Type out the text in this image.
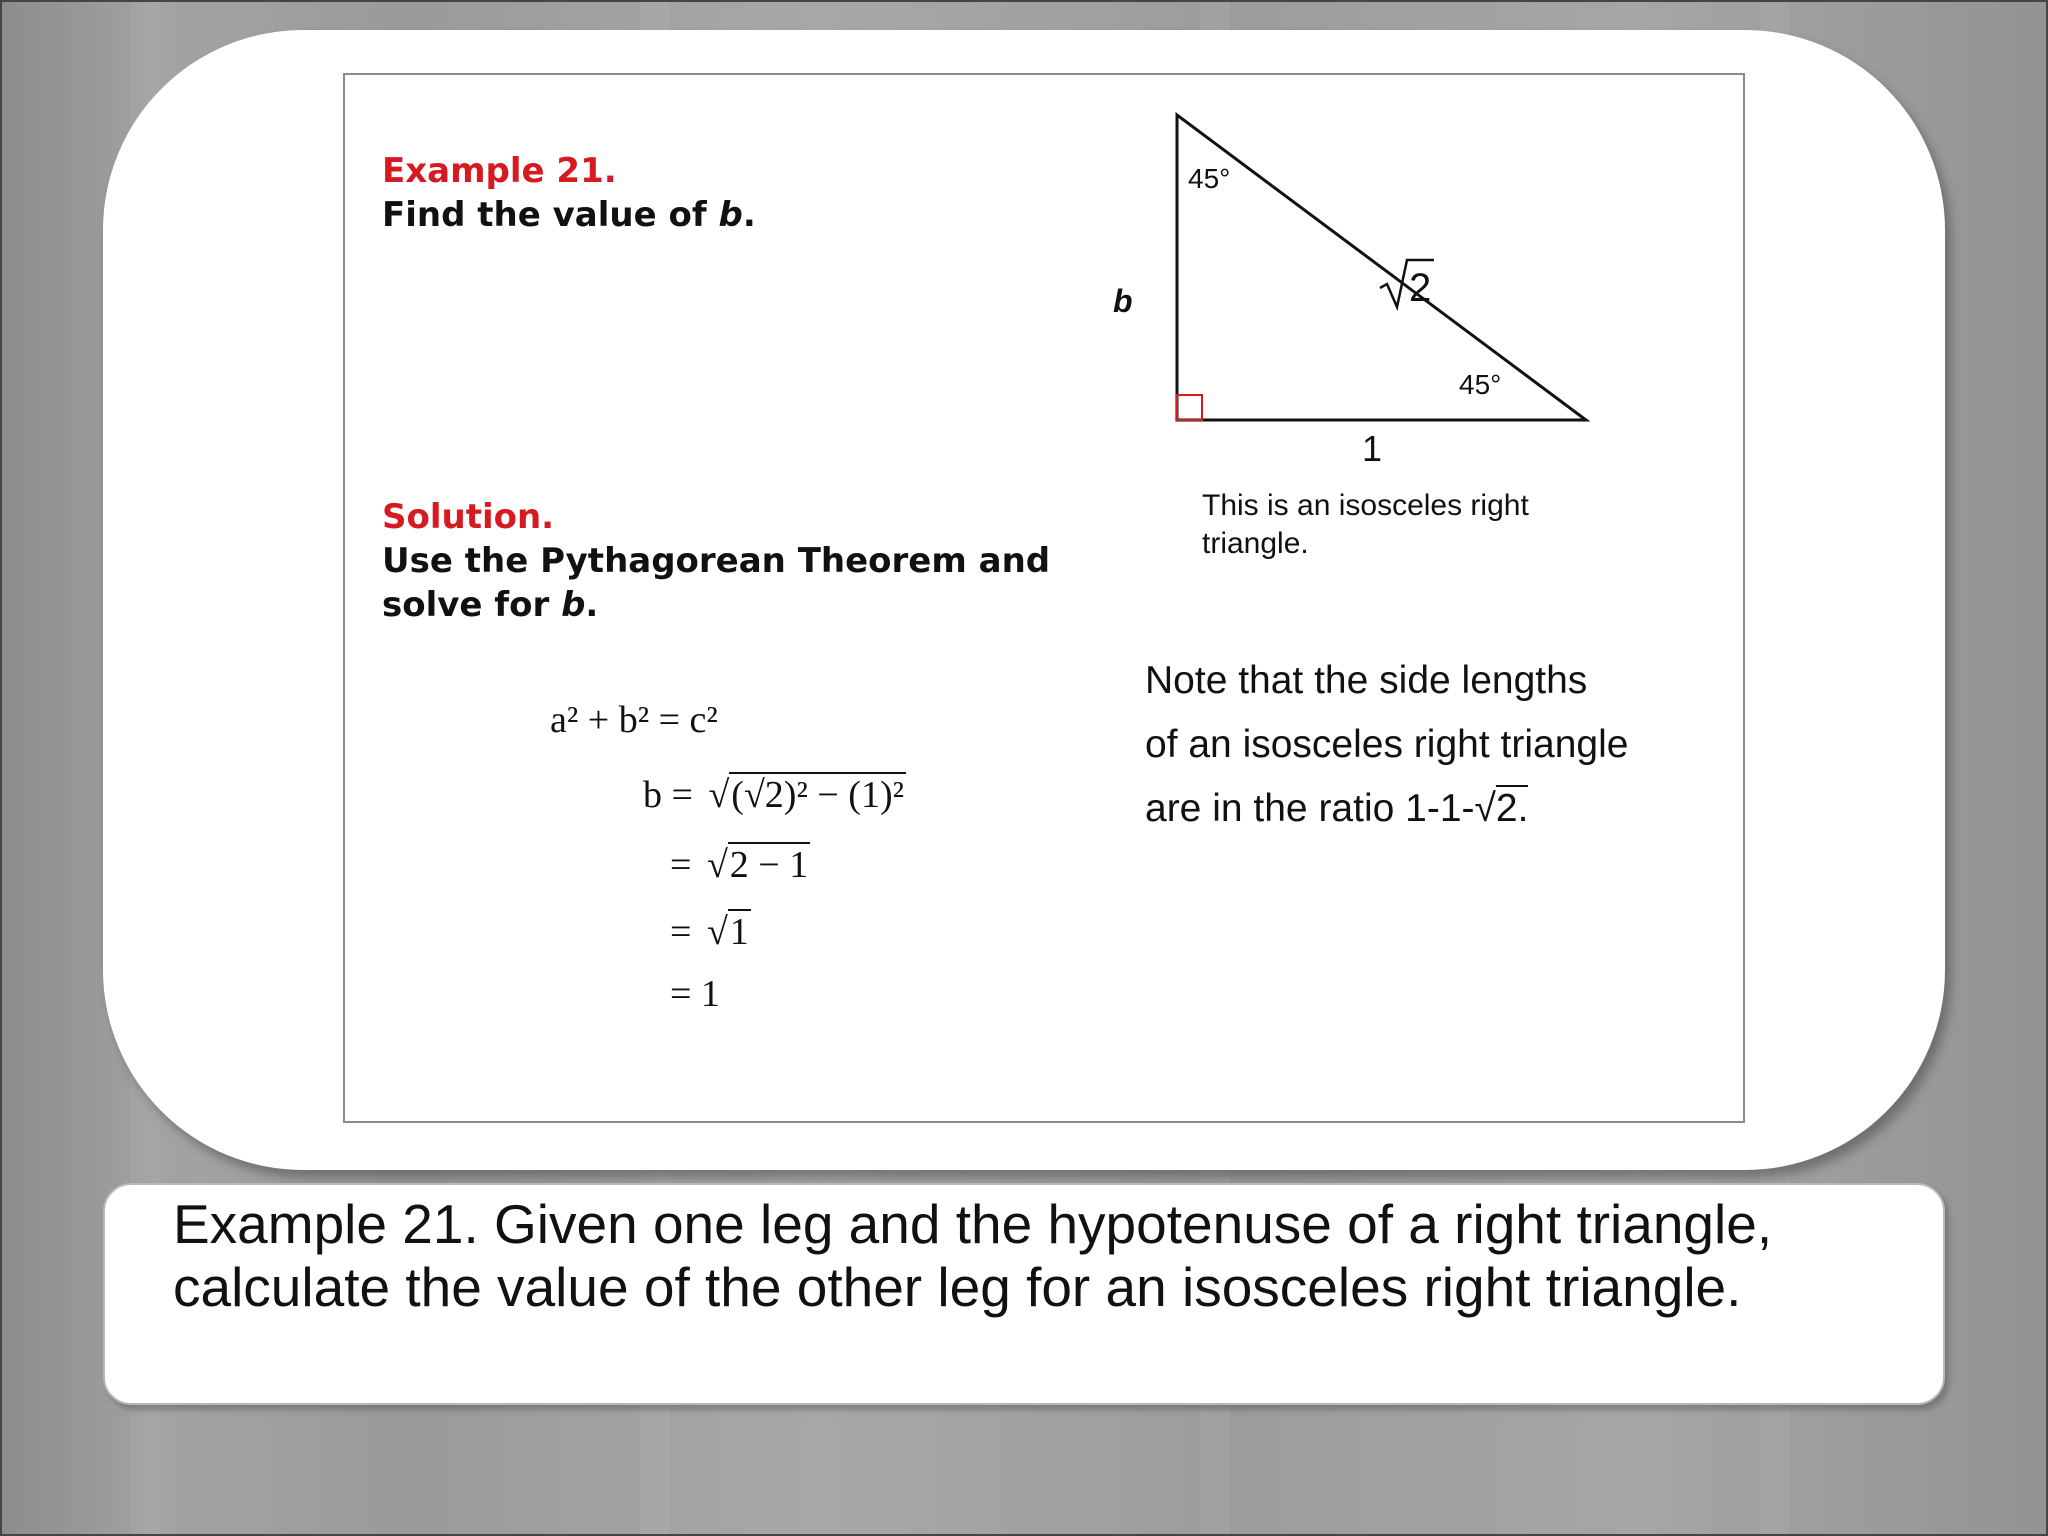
Example 21.
Find the value of b.
Solution.
Use the Pythagorean Theorem and
solve for b.
a² + b² = c²
b = √(√2)² − (1)²
= √2 − 1
= √1
= 1
45°
45°
2
b
1
This is an isosceles right
triangle.
Note that the side lengths
of an isosceles right triangle
are in the ratio 1-1-√2.
Example 21. Given one leg and the hypotenuse of a right triangle,
calculate the value of the other leg for an isosceles right triangle.
